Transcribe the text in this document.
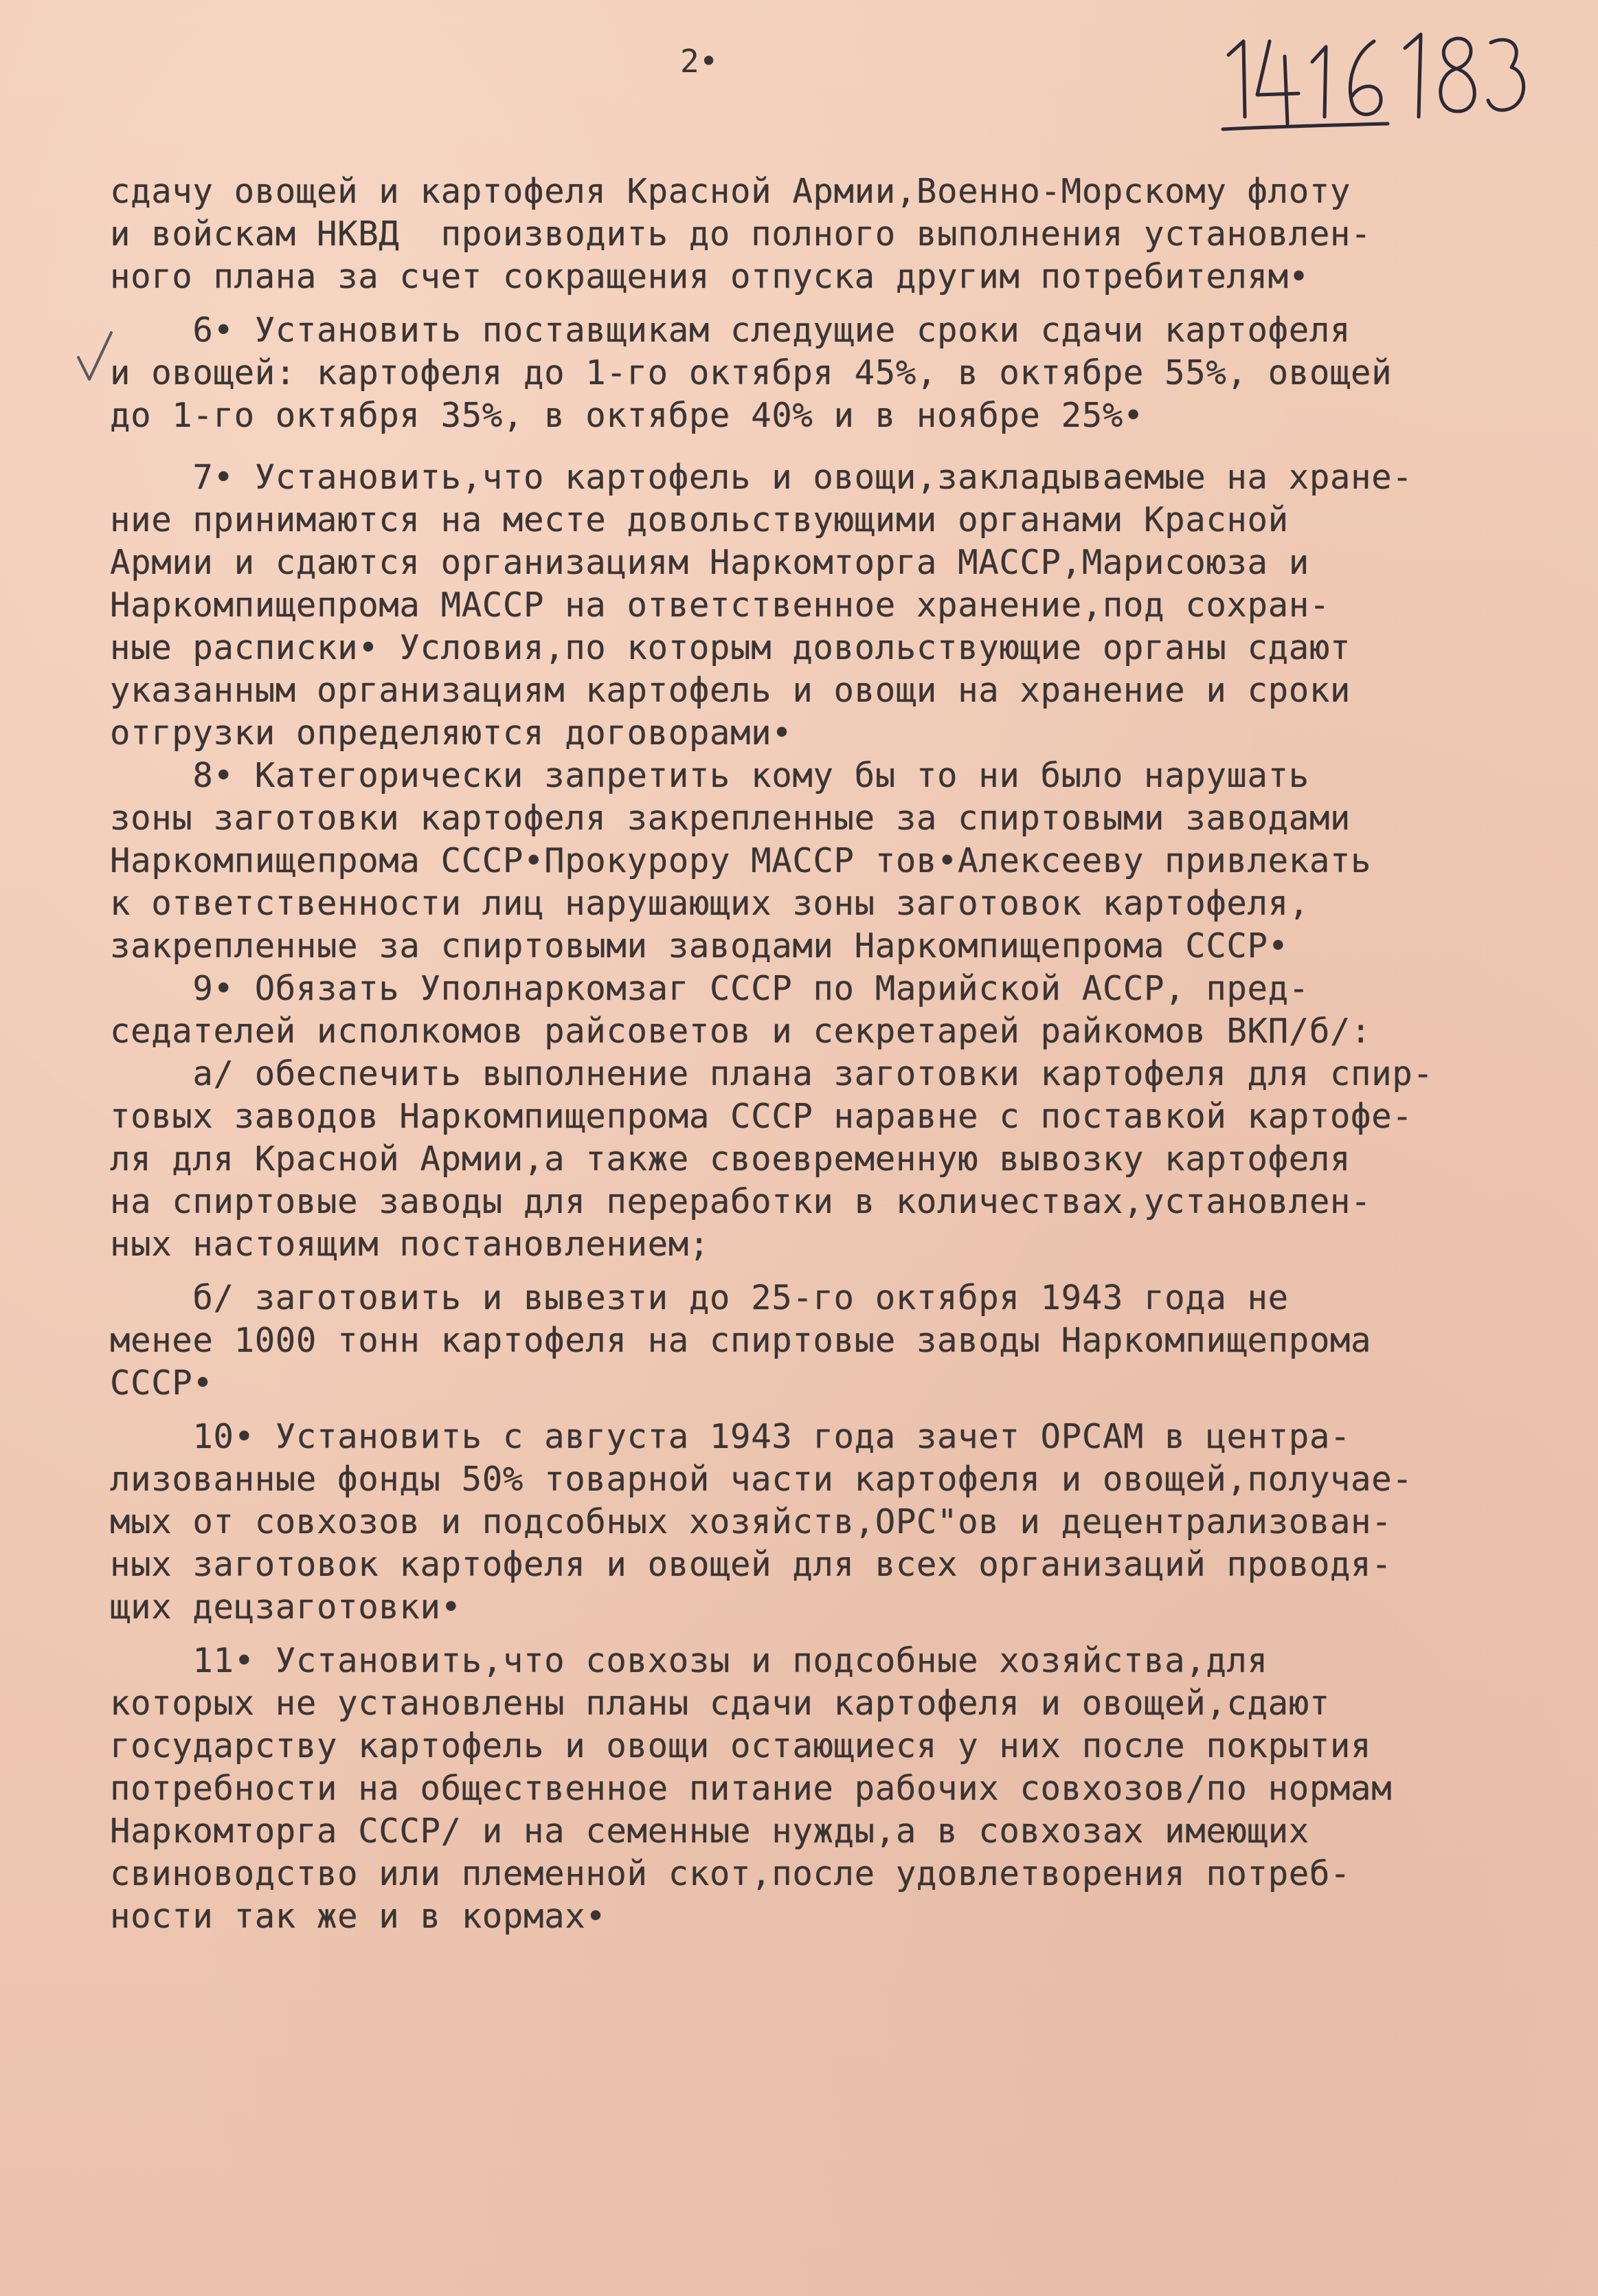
2•
сдачу овощей и картофеля Красной Армии,Военно-Морскому флоту
и войскам НКВД  производить до полного выполнения установлен-
ного плана за счет сокращения отпуска другим потребителям•
6• Установить поставщикам следущие сроки сдачи картофеля
и овощей: картофеля до 1-го октября 45%, в октябре 55%, овощей
до 1-го октября 35%, в октябре 40% и в ноябре 25%•
7• Установить,что картофель и овощи,закладываемые на хране-
ние принимаются на месте довольствующими органами Красной
Армии и сдаются организациям Наркомторга МАССР,Марисоюза и
Наркомпищепрома МАССР на ответственное хранение,под сохран-
ные расписки• Условия,по которым довольствующие органы сдают
указанным организациям картофель и овощи на хранение и сроки
отгрузки определяются договорами•
8• Категорически запретить кому бы то ни было нарушать
зоны заготовки картофеля закрепленные за спиртовыми заводами
Наркомпищепрома СССР•Прокурору МАССР тов•Алексееву привлекать
к ответственности лиц нарушающих зоны заготовок картофеля,
закрепленные за спиртовыми заводами Наркомпищепрома СССР•
9• Обязать Уполнаркомзаг СССР по Марийской АССР, пред-
седателей исполкомов райсоветов и секретарей райкомов ВКП/б/:
а/ обеспечить выполнение плана заготовки картофеля для спир-
товых заводов Наркомпищепрома СССР наравне с поставкой картофе-
ля для Красной Армии,а также своевременную вывозку картофеля
на спиртовые заводы для переработки в количествах,установлен-
ных настоящим постановлением;
б/ заготовить и вывезти до 25-го октября 1943 года не
менее 1000 тонн картофеля на спиртовые заводы Наркомпищепрома
СССР•
10• Установить с августа 1943 года зачет ОРСАМ в центра-
лизованные фонды 50% товарной части картофеля и овощей,получае-
мых от совхозов и подсобных хозяйств,ОРС"ов и децентрализован-
ных заготовок картофеля и овощей для всех организаций проводя-
щих децзаготовки•
11• Установить,что совхозы и подсобные хозяйства,для
которых не установлены планы сдачи картофеля и овощей,сдают
государству картофель и овощи остающиеся у них после покрытия
потребности на общественное питание рабочих совхозов/по нормам
Наркомторга СССР/ и на семенные нужды,а в совхозах имеющих
свиноводство или племенной скот,после удовлетворения потреб-
ности так же и в кормах•
